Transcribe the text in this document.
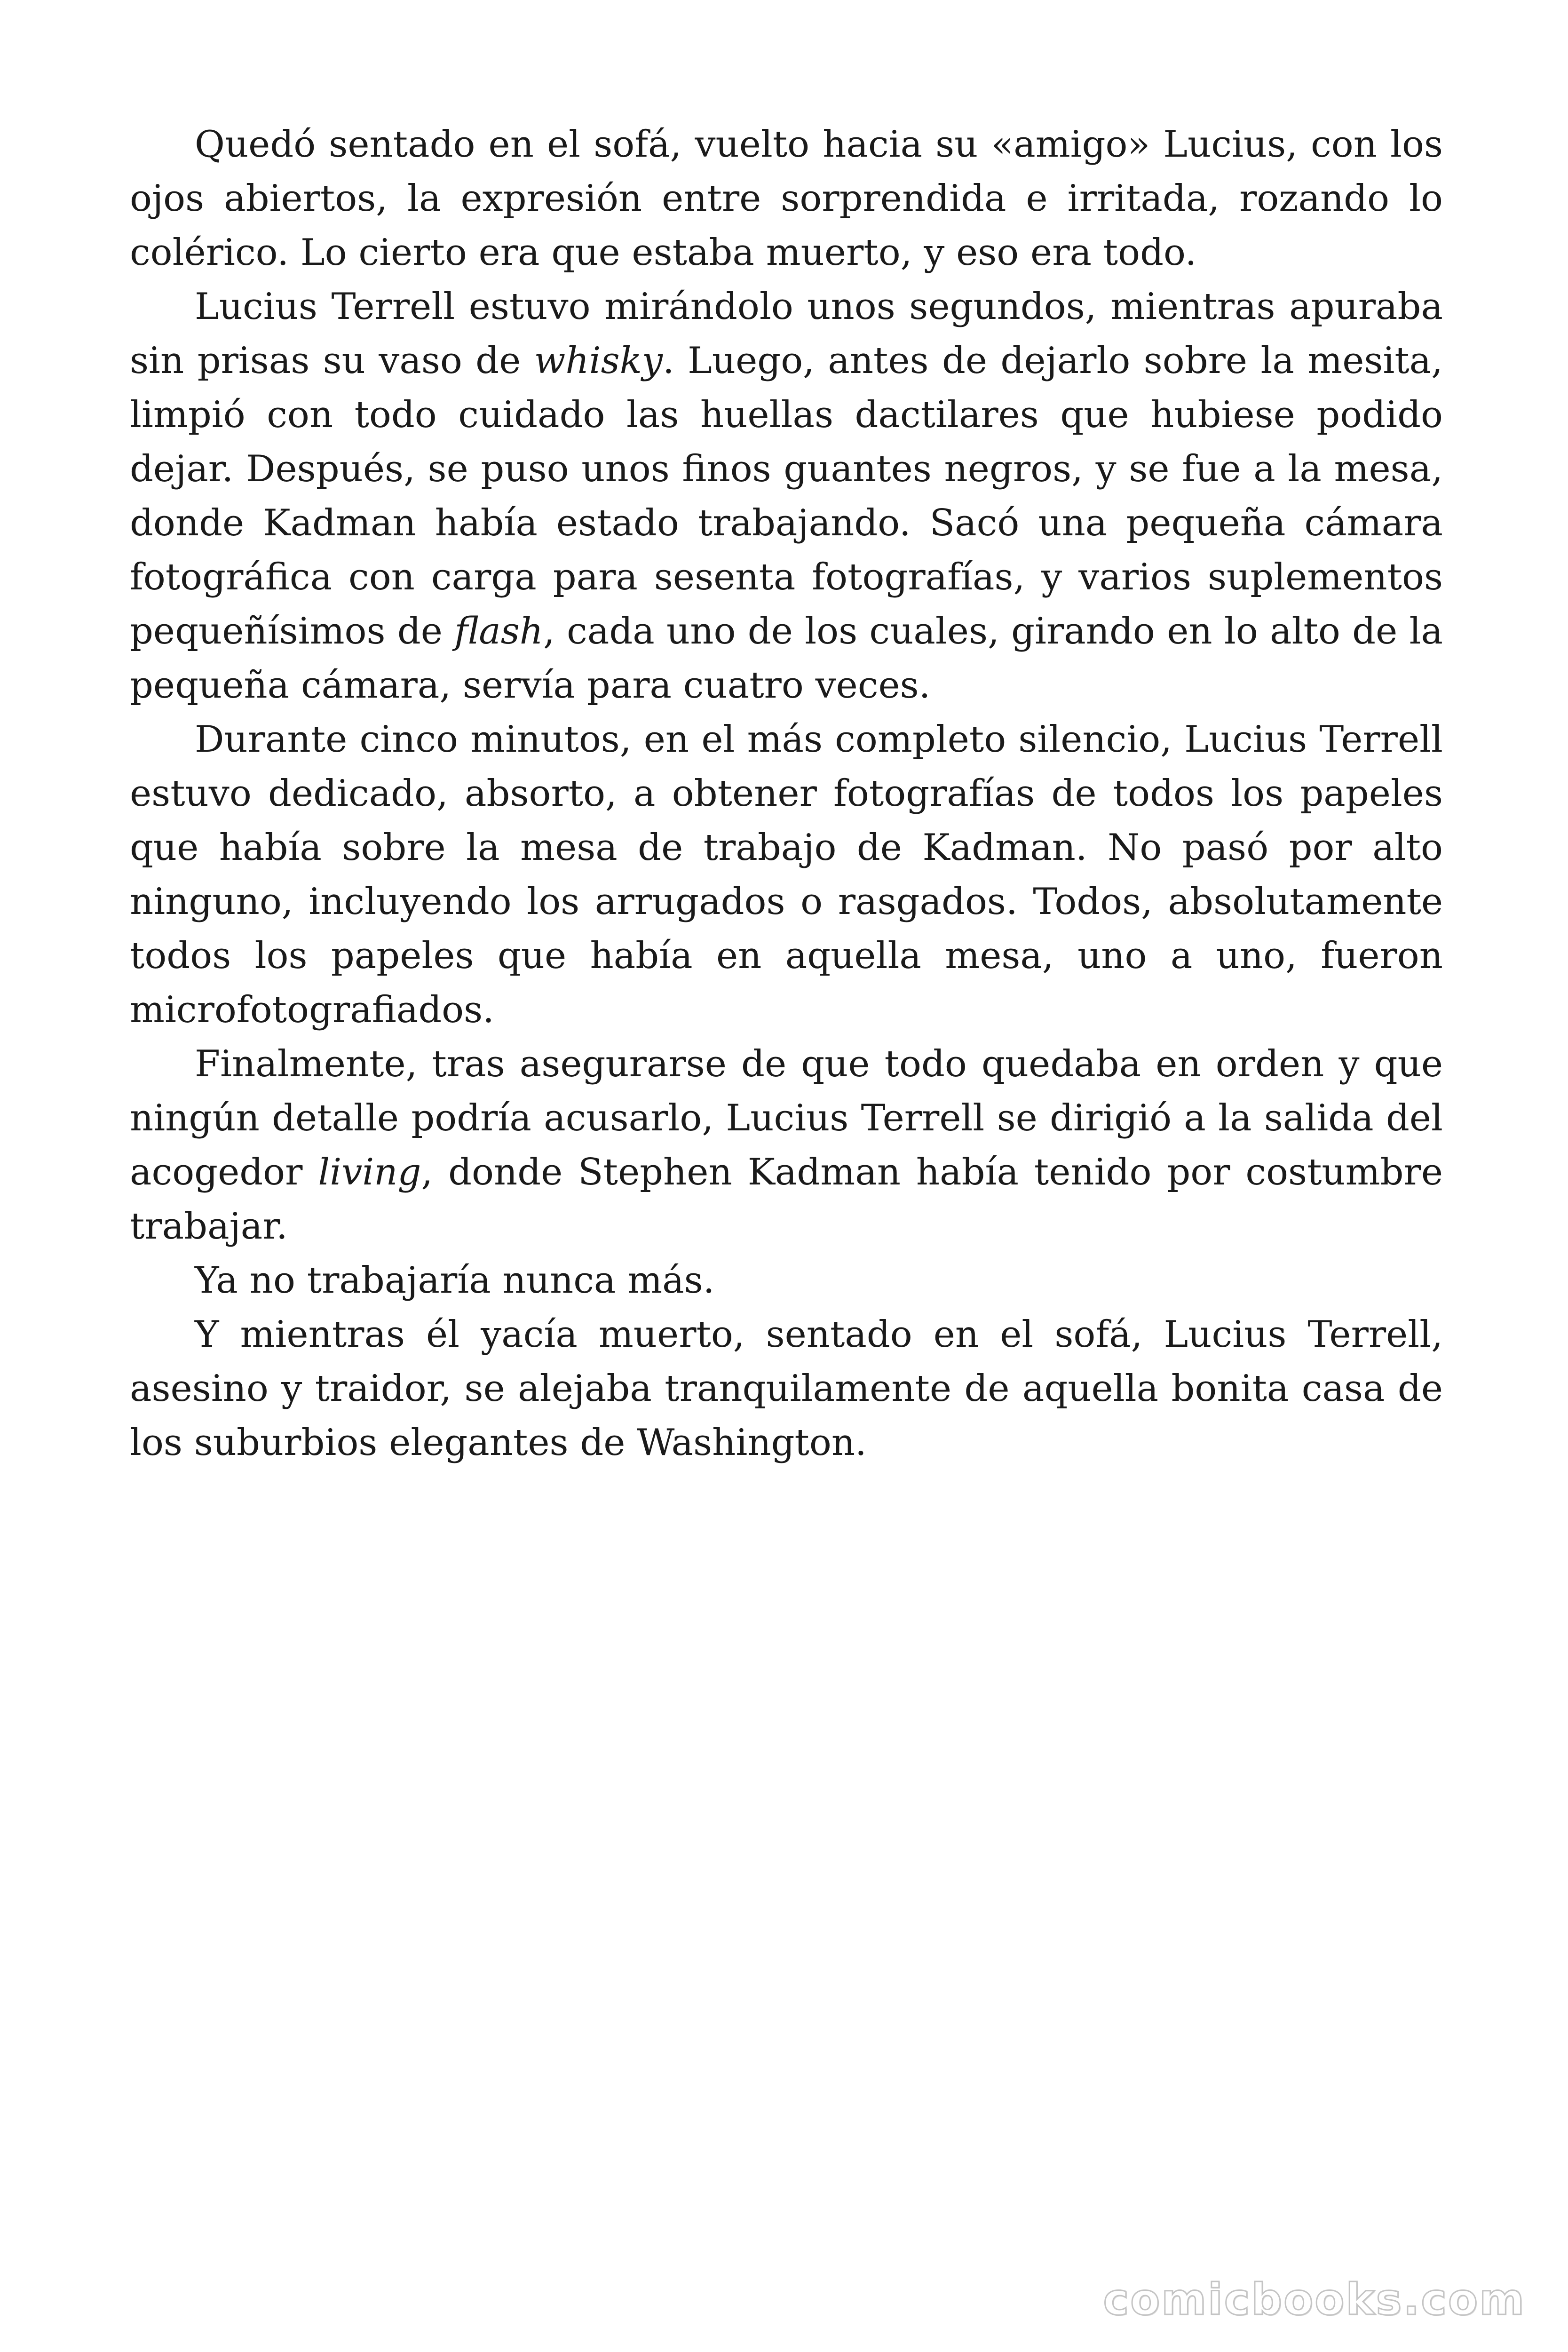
Quedó sentado en el sofá, vuelto hacia su «amigo» Lucius, con los ojos abiertos, la expresión entre sorprendida e irritada, rozando lo colérico. Lo cierto era que estaba muerto, y eso era todo.

Lucius Terrell estuvo mirándolo unos segundos, mientras apuraba sin prisas su vaso de whisky. Luego, antes de dejarlo sobre la mesita, limpió con todo cuidado las huellas dactilares que hubiese podido dejar. Después, se puso unos finos guantes negros, y se fue a la mesa, donde Kadman había estado trabajando. Sacó una pequeña cámara fotográfica con carga para sesenta fotografías, y varios suplementos pequeñísimos de flash, cada uno de los cuales, girando en lo alto de la pequeña cámara, servía para cuatro veces.

Durante cinco minutos, en el más completo silencio, Lucius Terrell estuvo dedicado, absorto, a obtener fotografías de todos los papeles que había sobre la mesa de trabajo de Kadman. No pasó por alto ninguno, incluyendo los arrugados o rasgados. Todos, absolutamente todos los papeles que había en aquella mesa, uno a uno, fueron microfotografiados.

Finalmente, tras asegurarse de que todo quedaba en orden y que ningún detalle podría acusarlo, Lucius Terrell se dirigió a la salida del acogedor living, donde Stephen Kadman había tenido por costumbre trabajar.

Ya no trabajaría nunca más.

Y mientras él yacía muerto, sentado en el sofá, Lucius Terrell, asesino y traidor, se alejaba tranquilamente de aquella bonita casa de los suburbios elegantes de Washington.

comicbooks.com
